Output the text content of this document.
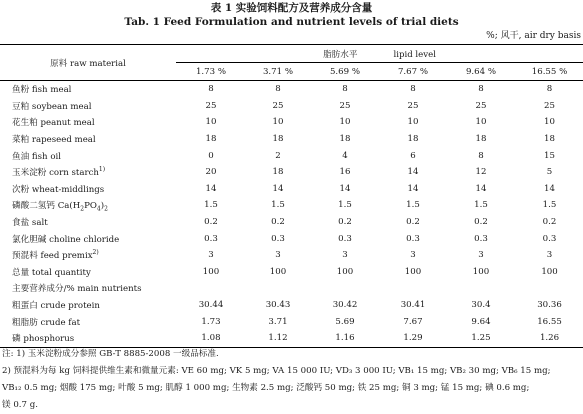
表 1 实验饲料配方及营养成分含量
Tab. 1 Feed Formulation and nutrient levels of trial diets
%; 风干, air dry basis
原料 raw material	脂肪水平 lipid level					
	1.73 %	3.71 %	5.69 %	7.67 %	9.64 %	16.55 %
鱼粉 fish meal	8	8	8	8	8	8
豆粕 soybean meal	25	25	25	25	25	25
花生粕 peanut meal	10	10	10	10	10	10
菜粕 rapeseed meal	18	18	18	18	18	18
鱼油 fish oil	0	2	4	6	8	15
玉米淀粉 corn starch$^{1)}$	20	18	16	14	12	5
次粉 wheat-middlings	14	14	14	14	14	14
磷酸二氢钙 $Ca(H_2PO_4)_2$	1.5	1.5	1.5	1.5	1.5	1.5
食盐 salt	0.2	0.2	0.2	0.2	0.2	0.2
氯化胆碱 choline chloride	0.3	0.3	0.3	0.3	0.3	0.3
预混料 feed premix$^{2)}$	3	3	3	3	3	3
总量 total quantity	100	100	100	100	100	100
主要营养成分/% main nutrients						
粗蛋白 crude protein	30.44	30.43	30.42	30.41	30.4	30.36
粗脂肪 crude fat	1.73	3.71	5.69	7.67	9.64	16.55
磷 phosphorus	1.08	1.12	1.16	1.29	1.25	1.26
注: 1) 玉米淀粉成分参照 GB-T 8885-2008 一级品标准.
2) 预混料为每 kg 饲料提供维生素和微量元素: VE 60 mg; VK 5 mg; VA 15 000 IU; VD₃ 3 000 IU; VB₁ 15 mg; VB₂ 30 mg; VB₆ 15 mg;
VB₁₂ 0.5 mg; 烟酸 175 mg; 叶酸 5 mg; 肌醇 1 000 mg; 生物素 2.5 mg; 泛酸钙 50 mg; 铁 25 mg; 铜 3 mg; 锰 15 mg; 碘 0.6 mg;
镁 0.7 g.
